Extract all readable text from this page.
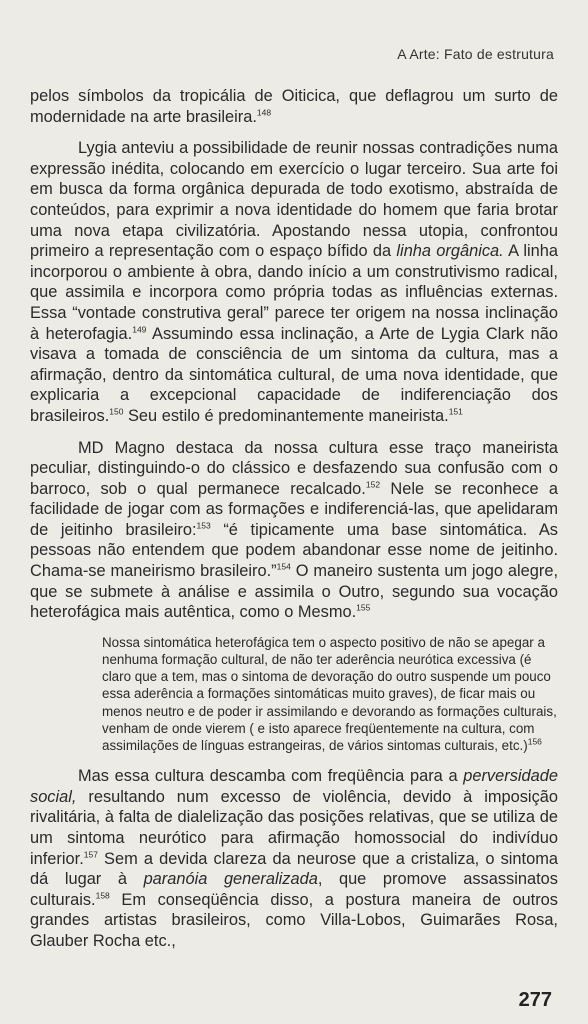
A Arte: Fato de estrutura

pelos símbolos da tropicália de Oiticica, que deflagrou um surto de modernidade na arte brasileira.$^{148}$

Lygia anteviu a possibilidade de reunir nossas contradições numa expressão inédita, colocando em exercício o lugar terceiro. Sua arte foi em busca da forma orgânica depurada de todo exotismo, abstraída de conteúdos, para exprimir a nova identidade do homem que faria brotar uma nova etapa civilizatória. Apostando nessa utopia, confrontou primeiro a representação com o espaço bífido da linha orgânica. A linha incorporou o ambiente à obra, dando início a um construtivismo radical, que assimila e incorpora como própria todas as influências externas. Essa “vontade construtiva geral” parece ter origem na nossa inclinação à heterofagia.$^{149}$ Assumindo essa inclinação, a Arte de Lygia Clark não visava a tomada de consciência de um sintoma da cultura, mas a afirmação, dentro da sintomática cultural, de uma nova identidade, que explicaria a excepcional capacidade de indiferenciação dos brasileiros.$^{150}$ Seu estilo é predominantemente maneirista.$^{151}$

MD Magno destaca da nossa cultura esse traço maneirista peculiar, distinguindo-o do clássico e desfazendo sua confusão com o barroco, sob o qual permanece recalcado.$^{152}$ Nele se reconhece a facilidade de jogar com as formações e indiferenciá-las, que apelidaram de jeitinho brasileiro:$^{153}$ “é tipicamente uma base sintomática. As pessoas não entendem que podem abandonar esse nome de jeitinho. Chama-se maneirismo brasileiro.”$^{154}$ O maneiro sustenta um jogo alegre, que se submete à análise e assimila o Outro, segundo sua vocação heterofágica mais autêntica, como o Mesmo.$^{155}$

Nossa sintomática heterofágica tem o aspecto positivo de não se apegar a nenhuma formação cultural, de não ter aderência neurótica excessiva (é claro que a tem, mas o sintoma de devoração do outro suspende um pouco essa aderência a formações sintomáticas muito graves), de ficar mais ou menos neutro e de poder ir assimilando e devorando as formações culturais, venham de onde vierem ( e isto aparece freqüentemente na cultura, com assimilações de línguas estrangeiras, de vários sintomas culturais, etc.)$^{156}$

Mas essa cultura descamba com freqüência para a perversidade social, resultando num excesso de violência, devido à imposição rivalitária, à falta de dialelização das posições relativas, que se utiliza de um sintoma neurótico para afirmação homossocial do indivíduo inferior.$^{157}$ Sem a devida clareza da neurose que a cristaliza, o sintoma dá lugar à paranóia generalizada, que promove assassinatos culturais.$^{158}$ Em conseqüência disso, a postura maneira de outros grandes artistas brasileiros, como Villa-Lobos, Guimarães Rosa, Glauber Rocha etc.,

277
